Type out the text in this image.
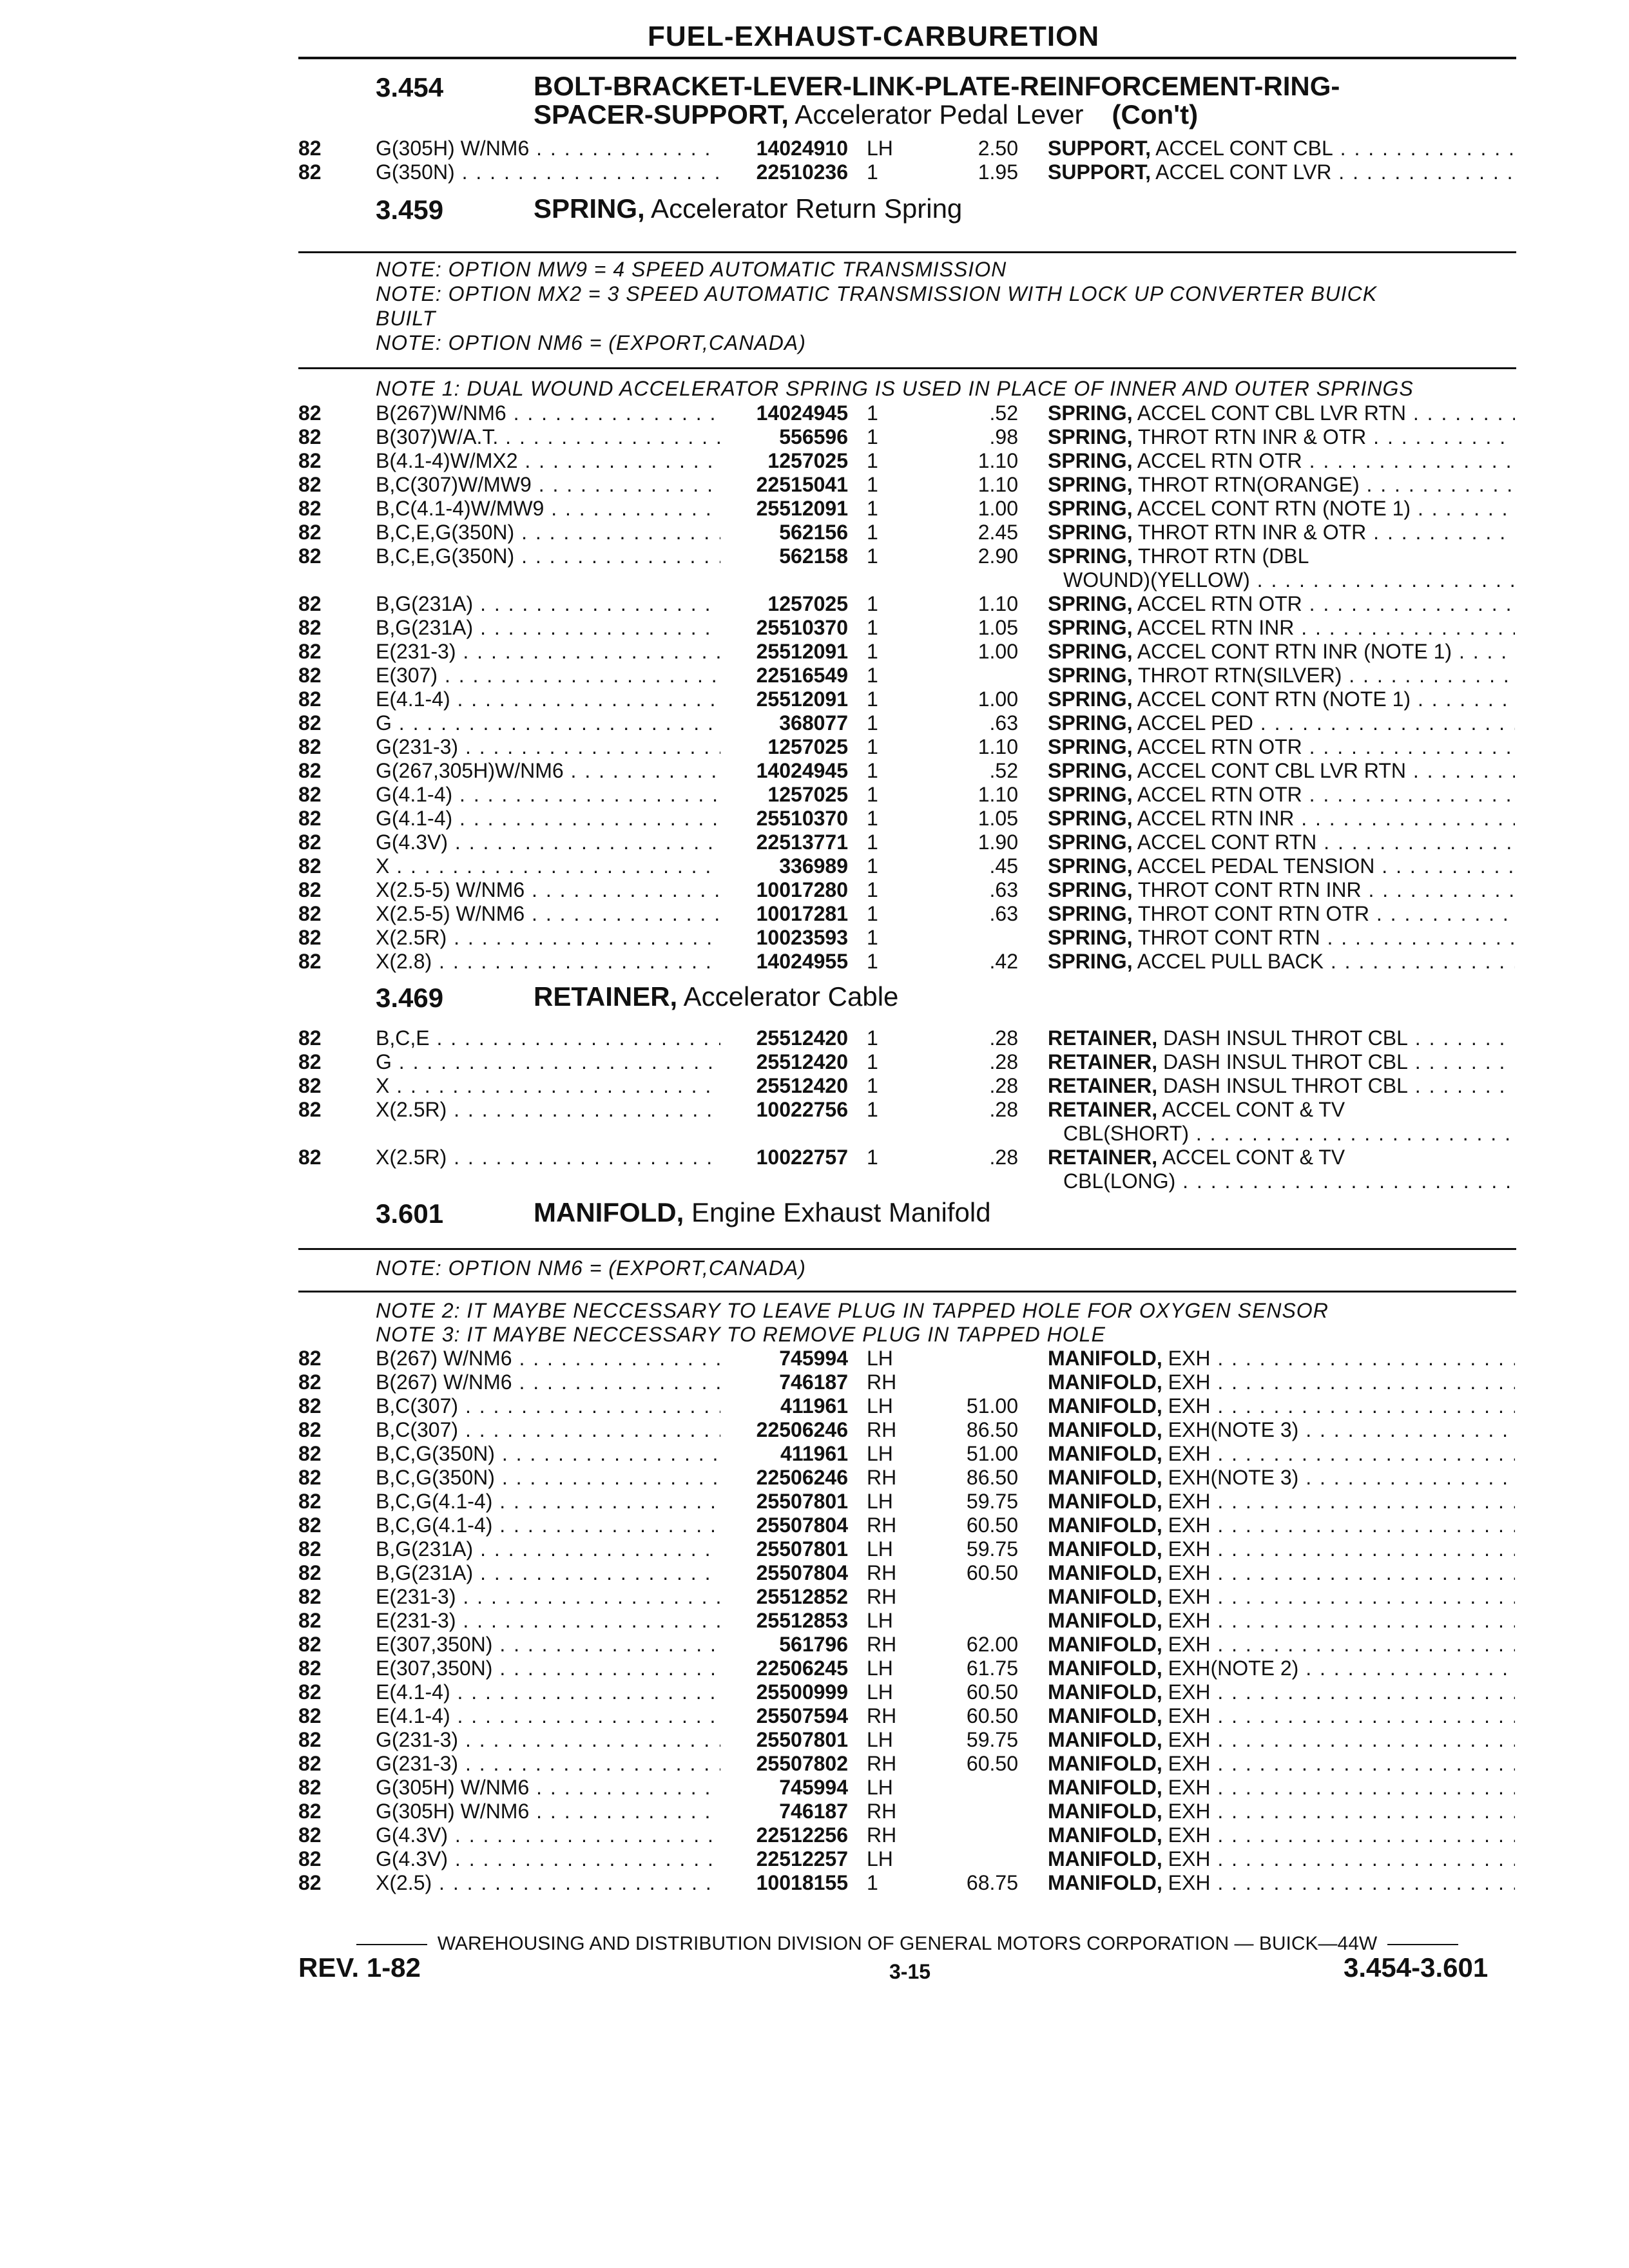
FUEL-EXHAUST-CARBURETION
3.454	BOLT-BRACKET-LEVER-LINK-PLATE-REINFORCEMENT-RING-
SPACER-SUPPORT, Accelerator Pedal Lever (Con't)
82	G(305H) W/NM6 . . .	14024910 LH	2.50 SUPPORT, ACCEL CONT CBL . . .
82	G(350N) . . .	22510236 1	1.95 SUPPORT, ACCEL CONT LVR . . .
3.459	SPRING, Accelerator Return Spring
NOTE: OPTION MW9 = 4 SPEED AUTOMATIC TRANSMISSION
NOTE: OPTION MX2 = 3 SPEED AUTOMATIC TRANSMISSION WITH LOCK UP CONVERTER BUICK
BUILT
NOTE: OPTION NM6 = (EXPORT,CANADA)
NOTE 1: DUAL WOUND ACCELERATOR SPRING IS USED IN PLACE OF INNER AND OUTER SPRINGS
82	B(267)W/NM6 . . .	14024945 1	.52 SPRING, ACCEL CONT CBL LVR RTN . . .
82	B(307)W/A.T. . . .	556596 1	.98 SPRING, THROT RTN INR & OTR . . .
82	B(4.1-4)W/MX2 . . .	1257025 1	1.10 SPRING, ACCEL RTN OTR . . .
82	B,C(307)W/MW9 . . .	22515041 1	1.10 SPRING, THROT RTN(ORANGE) . . .
82	B,C(4.1-4)W/MW9 . . .	25512091 1	1.00 SPRING, ACCEL CONT RTN (NOTE 1) . . .
82	B,C,E,G(350N) . . .	562156 1	2.45 SPRING, THROT RTN INR & OTR . . .
82	B,C,E,G(350N) . . .	562158 1	2.90 SPRING, THROT RTN (DBL
WOUND)(YELLOW) . . .
82	B,G(231A) . . .	1257025 1	1.10 SPRING, ACCEL RTN OTR . . .
82	B,G(231A) . . .	25510370 1	1.05 SPRING, ACCEL RTN INR . . .
82	E(231-3) . . .	25512091 1	1.00 SPRING, ACCEL CONT RTN INR (NOTE 1) . . .
82	E(307) . . .	22516549 1	SPRING, THROT RTN(SILVER) . . .
82	E(4.1-4) . . .	25512091 1	1.00 SPRING, ACCEL CONT RTN (NOTE 1) . . .
82	G . . .	368077 1	.63 SPRING, ACCEL PED . . .
82	G(231-3) . . .	1257025 1	1.10 SPRING, ACCEL RTN OTR . . .
82	G(267,305H)W/NM6 . . .	14024945 1	.52 SPRING, ACCEL CONT CBL LVR RTN . . .
82	G(4.1-4) . . .	1257025 1	1.10 SPRING, ACCEL RTN OTR . . .
82	G(4.1-4) . . .	25510370 1	1.05 SPRING, ACCEL RTN INR . . .
82	G(4.3V) . . .	22513771 1	1.90 SPRING, ACCEL CONT RTN . . .
82	X . . .	336989 1	.45 SPRING, ACCEL PEDAL TENSION . . .
82	X(2.5-5) W/NM6 . . .	10017280 1	.63 SPRING, THROT CONT RTN INR . . .
82	X(2.5-5) W/NM6 . . .	10017281 1	.63 SPRING, THROT CONT RTN OTR . . .
82	X(2.5R) . . .	10023593 1	SPRING, THROT CONT RTN . . .
82	X(2.8) . . .	14024955 1	.42 SPRING, ACCEL PULL BACK . . .
3.469	RETAINER, Accelerator Cable
82	B,C,E . . .	25512420 1	.28 RETAINER, DASH INSUL THROT CBL . . .
82	G . . .	25512420 1	.28 RETAINER, DASH INSUL THROT CBL . . .
82	X . . .	25512420 1	.28 RETAINER, DASH INSUL THROT CBL . . .
82	X(2.5R) . . .	10022756 1	.28 RETAINER, ACCEL CONT & TV
CBL(SHORT) . . .
82	X(2.5R) . . .	10022757 1	.28 RETAINER, ACCEL CONT & TV
CBL(LONG) . . .
3.601	MANIFOLD, Engine Exhaust Manifold
NOTE: OPTION NM6 = (EXPORT,CANADA)
NOTE 2: IT MAYBE NECCESSARY TO LEAVE PLUG IN TAPPED HOLE FOR OXYGEN SENSOR
NOTE 3: IT MAYBE NECCESSARY TO REMOVE PLUG IN TAPPED HOLE
82	B(267) W/NM6 . . .	745994 LH	MANIFOLD, EXH . . .
82	B(267) W/NM6 . . .	746187 RH	MANIFOLD, EXH . . .
82	B,C(307) . . .	411961 LH	51.00 MANIFOLD, EXH . . .
82	B,C(307) . . .	22506246 RH	86.50 MANIFOLD, EXH(NOTE 3) . . .
82	B,C,G(350N) . . .	411961 LH	51.00 MANIFOLD, EXH . . .
82	B,C,G(350N) . . .	22506246 RH	86.50 MANIFOLD, EXH(NOTE 3) . . .
82	B,C,G(4.1-4) . . .	25507801 LH	59.75 MANIFOLD, EXH . . .
82	B,C,G(4.1-4) . . .	25507804 RH	60.50 MANIFOLD, EXH . . .
82	B,G(231A) . . .	25507801 LH	59.75 MANIFOLD, EXH . . .
82	B,G(231A) . . .	25507804 RH	60.50 MANIFOLD, EXH . . .
82	E(231-3) . . .	25512852 RH	MANIFOLD, EXH . . .
82	E(231-3) . . .	25512853 LH	MANIFOLD, EXH . . .
82	E(307,350N) . . .	561796 RH	62.00 MANIFOLD, EXH . . .
82	E(307,350N) . . .	22506245 LH	61.75 MANIFOLD, EXH(NOTE 2) . . .
82	E(4.1-4) . . .	25500999 LH	60.50 MANIFOLD, EXH . . .
82	E(4.1-4) . . .	25507594 RH	60.50 MANIFOLD, EXH . . .
82	G(231-3) . . .	25507801 LH	59.75 MANIFOLD, EXH . . .
82	G(231-3) . . .	25507802 RH	60.50 MANIFOLD, EXH . . .
82	G(305H) W/NM6 . . .	745994 LH	MANIFOLD, EXH . . .
82	G(305H) W/NM6 . . .	746187 RH	MANIFOLD, EXH . . .
82	G(4.3V) . . .	22512256 RH	MANIFOLD, EXH . . .
82	G(4.3V) . . .	22512257 LH	MANIFOLD, EXH . . .
82	X(2.5) . . .	10018155 1	68.75 MANIFOLD, EXH . . .
WAREHOUSING AND DISTRIBUTION DIVISION OF GENERAL MOTORS CORPORATION — BUICK—44W
REV. 1-82	3-15	3.454-3.601
